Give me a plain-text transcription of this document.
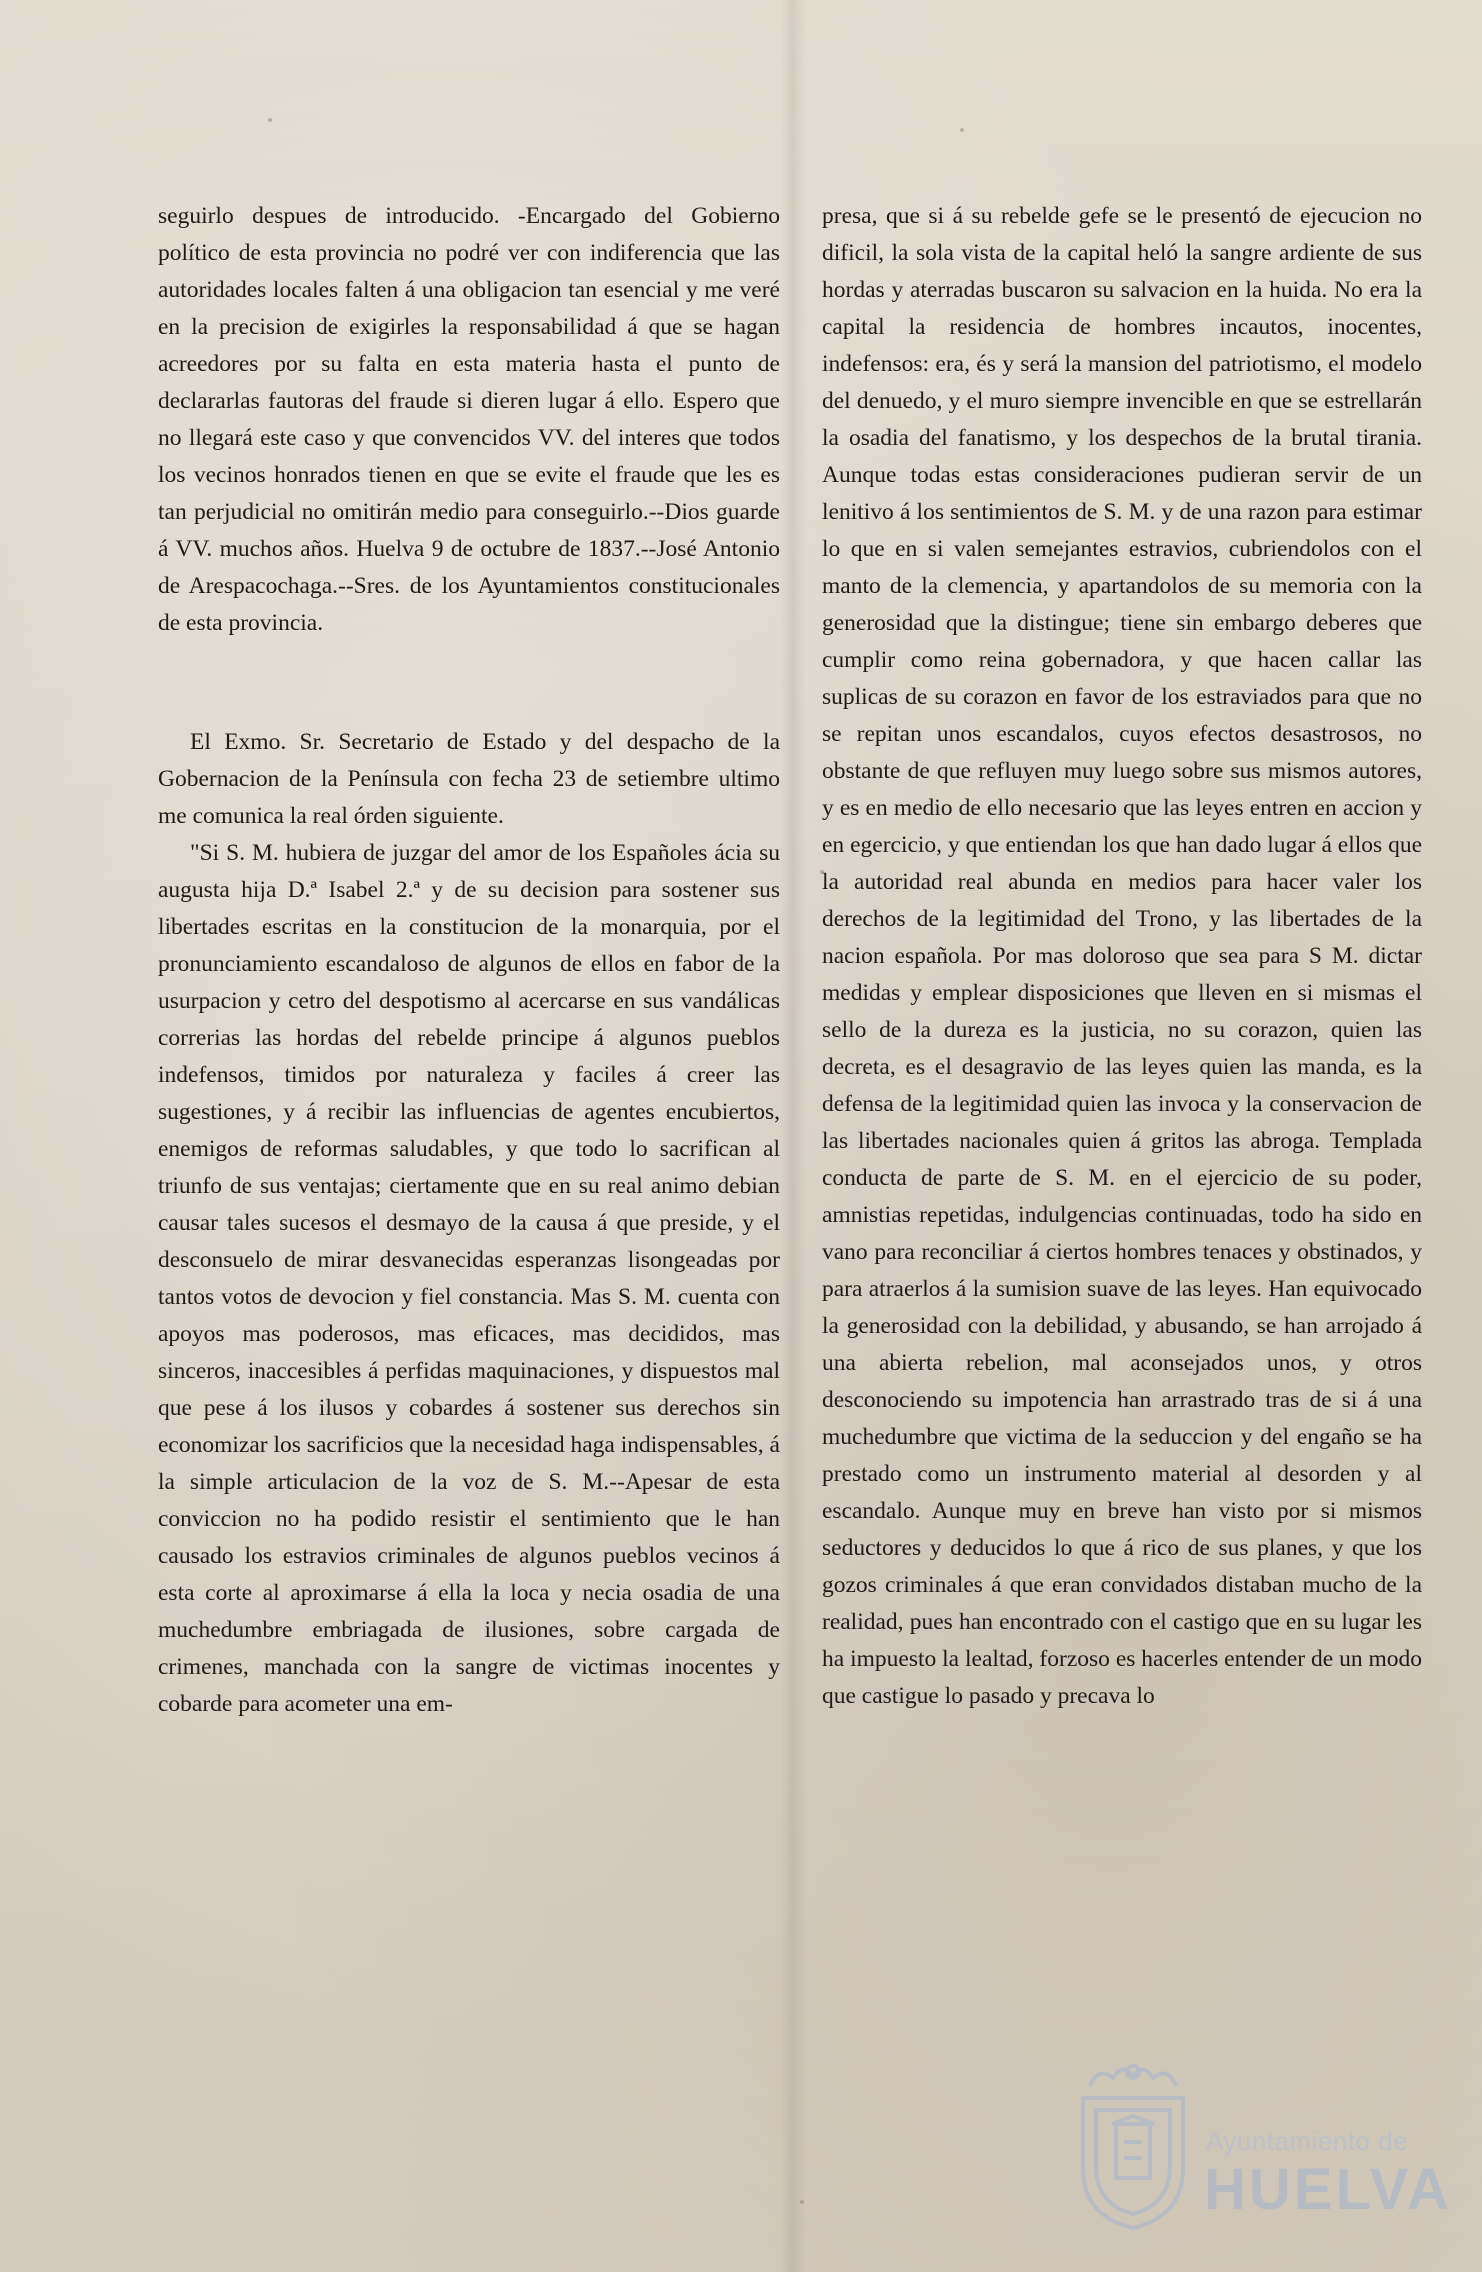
seguirlo despues de introducido. -Encargado del Gobierno político de esta provincia no podré ver con indiferencia que las autoridades locales falten á una obligacion tan esencial y me veré en la precision de exigirles la responsabilidad á que se hagan acreedores por su falta en esta materia hasta el punto de declararlas fautoras del fraude si dieren lugar á ello. Espero que no llegará este caso y que convencidos VV. del interes que todos los vecinos honrados tienen en que se evite el fraude que les es tan perjudicial no omitirán medio para conseguirlo.--Dios guarde á VV. muchos años. Huelva 9 de octubre de 1837.--José Antonio de Arespacochaga.--Sres. de los Ayuntamientos constitucionales de esta provincia.

El Exmo. Sr. Secretario de Estado y del despacho de la Gobernacion de la Península con fecha 23 de setiembre ultimo me comunica la real órden siguiente.

"Si S. M. hubiera de juzgar del amor de los Españoles ácia su augusta hija D.ª Isabel 2.ª y de su decision para sostener sus libertades escritas en la constitucion de la monarquia, por el pronunciamiento escandaloso de algunos de ellos en fabor de la usurpacion y cetro del despotismo al acercarse en sus vandálicas correrias las hordas del rebelde principe á algunos pueblos indefensos, timidos por naturaleza y faciles á creer las sugestiones, y á recibir las influencias de agentes encubiertos, enemigos de reformas saludables, y que todo lo sacrifican al triunfo de sus ventajas; ciertamente que en su real animo debian causar tales sucesos el desmayo de la causa á que preside, y el desconsuelo de mirar desvanecidas esperanzas lisongeadas por tantos votos de devocion y fiel constancia. Mas S. M. cuenta con apoyos mas poderosos, mas eficaces, mas decididos, mas sinceros, inaccesibles á perfidas maquinaciones, y dispuestos mal que pese á los ilusos y cobardes á sostener sus derechos sin economizar los sacrificios que la necesidad haga indispensables, á la simple articulacion de la voz de S. M.--Apesar de esta conviccion no ha podido resistir el sentimiento que le han causado los estravios criminales de algunos pueblos vecinos á esta corte al aproximarse á ella la loca y necia osadia de una muchedumbre embriagada de ilusiones, sobre cargada de crimenes, manchada con la sangre de victimas inocentes y cobarde para acometer una em-

presa, que si á su rebelde gefe se le presentó de ejecucion no dificil, la sola vista de la capital heló la sangre ardiente de sus hordas y aterradas buscaron su salvacion en la huida. No era la capital la residencia de hombres incautos, inocentes, indefensos: era, és y será la mansion del patriotismo, el modelo del denuedo, y el muro siempre invencible en que se estrellarán la osadia del fanatismo, y los despechos de la brutal tirania. Aunque todas estas consideraciones pudieran servir de un lenitivo á los sentimientos de S. M. y de una razon para estimar lo que en si valen semejantes estravios, cubriendolos con el manto de la clemencia, y apartandolos de su memoria con la generosidad que la distingue; tiene sin embargo deberes que cumplir como reina gobernadora, y que hacen callar las suplicas de su corazon en favor de los estraviados para que no se repitan unos escandalos, cuyos efectos desastrosos, no obstante de que refluyen muy luego sobre sus mismos autores, y es en medio de ello necesario que las leyes entren en accion y en egercicio, y que entiendan los que han dado lugar á ellos que la autoridad real abunda en medios para hacer valer los derechos de la legitimidad del Trono, y las libertades de la nacion española. Por mas doloroso que sea para S M. dictar medidas y emplear disposiciones que lleven en si mismas el sello de la dureza es la justicia, no su corazon, quien las decreta, es el desagravio de las leyes quien las manda, es la defensa de la legitimidad quien las invoca y la conservacion de las libertades nacionales quien á gritos las abroga. Templada conducta de parte de S. M. en el ejercicio de su poder, amnistias repetidas, indulgencias continuadas, todo ha sido en vano para reconciliar á ciertos hombres tenaces y obstinados, y para atraerlos á la sumision suave de las leyes. Han equivocado la generosidad con la debilidad, y abusando, se han arrojado á una abierta rebelion, mal aconsejados unos, y otros desconociendo su impotencia han arrastrado tras de si á una muchedumbre que victima de la seduccion y del engaño se ha prestado como un instrumento material al desorden y al escandalo. Aunque muy en breve han visto por si mismos seductores y deducidos lo que á rico de sus planes, y que los gozos criminales á que eran convidados distaban mucho de la realidad, pues han encontrado con el castigo que en su lugar les ha impuesto la lealtad, forzoso es hacerles entender de un modo que castigue lo pasado y precava lo

Ayuntamiento de
HUELVA
